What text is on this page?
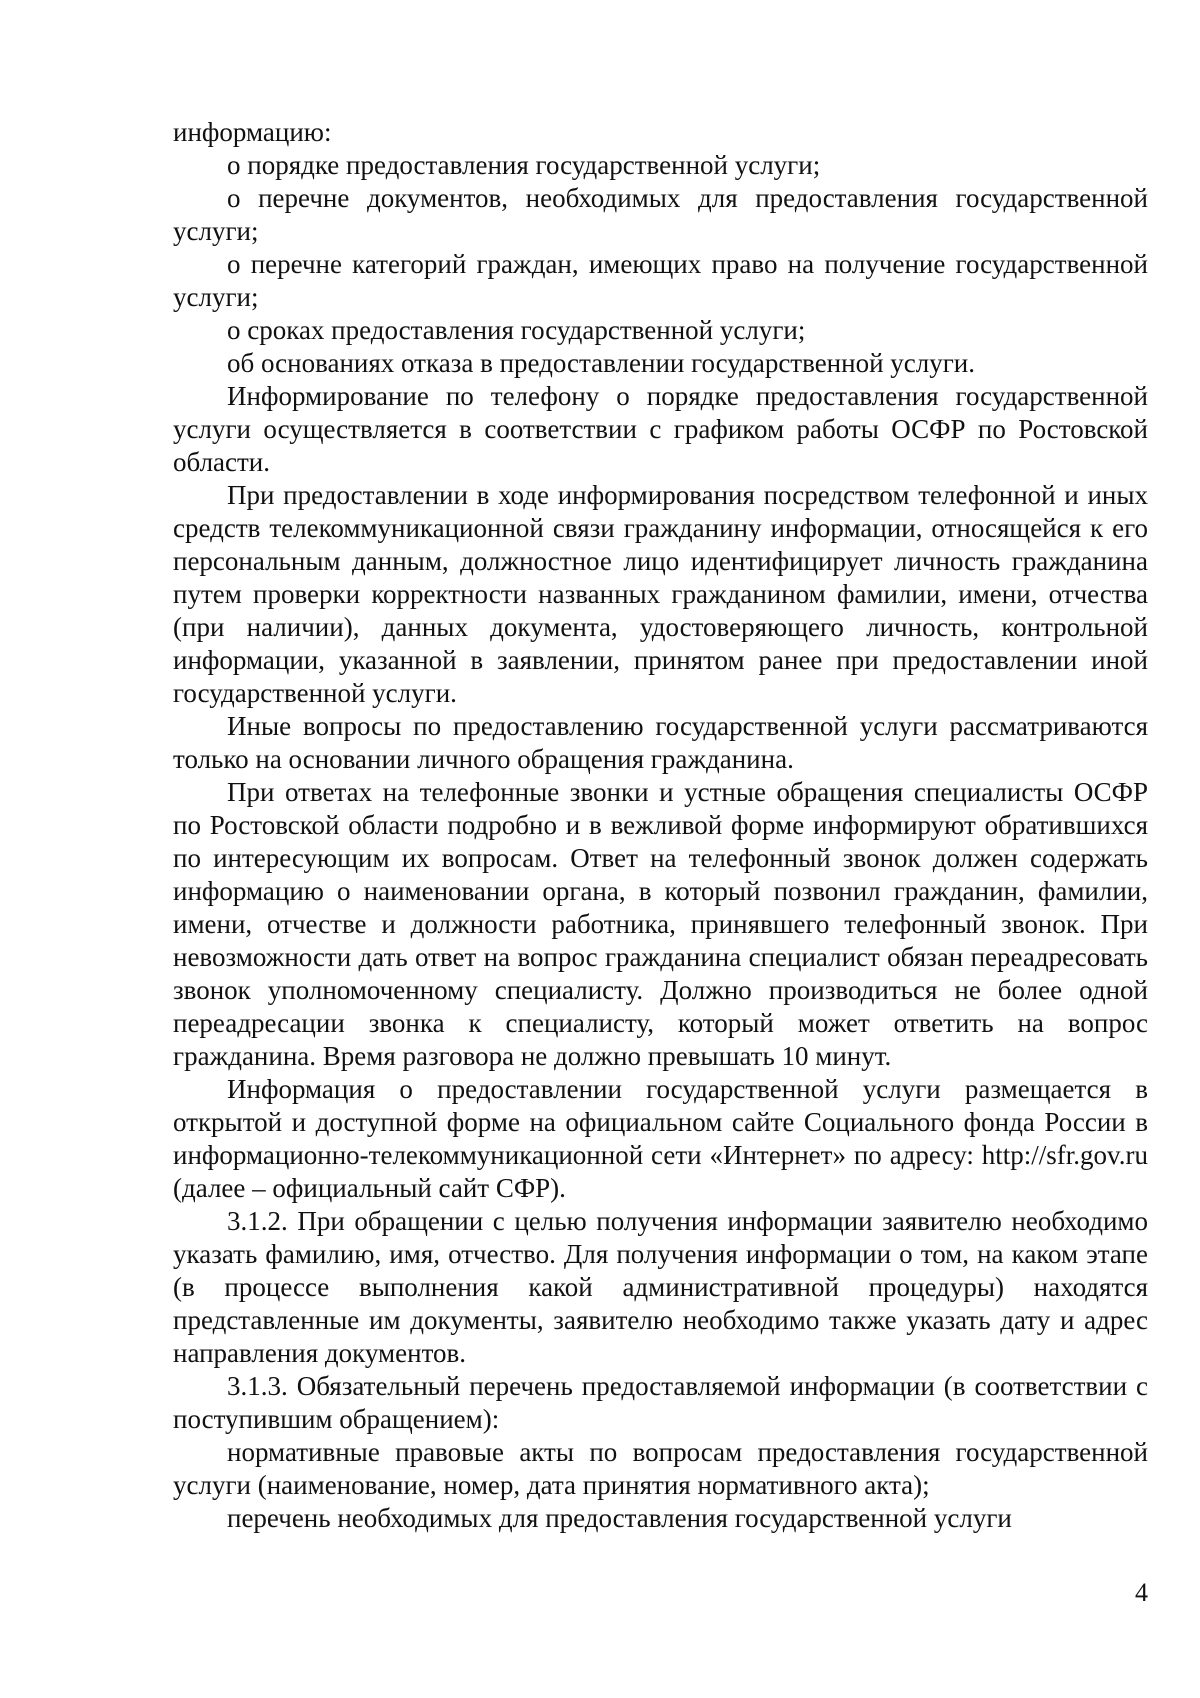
информацию:

о порядке предоставления государственной услуги;

о перечне документов, необходимых для предоставления государственной услуги;

о перечне категорий граждан, имеющих право на получение государственной услуги;

о сроках предоставления государственной услуги;

об основаниях отказа в предоставлении государственной услуги.

Информирование по телефону о порядке предоставления государственной услуги осуществляется в соответствии с графиком работы ОСФР по Ростовской области.

При предоставлении в ходе информирования посредством телефонной и иных средств телекоммуникационной связи гражданину информации, относящейся к его персональным данным, должностное лицо идентифицирует личность гражданина путем проверки корректности названных гражданином фамилии, имени, отчества (при наличии), данных документа, удостоверяющего личность, контрольной информации, указанной в заявлении, принятом ранее при предоставлении иной государственной услуги.

Иные вопросы по предоставлению государственной услуги рассматриваются только на основании личного обращения гражданина.

При ответах на телефонные звонки и устные обращения специалисты ОСФР по Ростовской области подробно и в вежливой форме информируют обратившихся по интересующим их вопросам. Ответ на телефонный звонок должен содержать информацию о наименовании органа, в который позвонил гражданин, фамилии, имени, отчестве и должности работника, принявшего телефонный звонок. При невозможности дать ответ на вопрос гражданина специалист обязан переадресовать звонок уполномоченному специалисту. Должно производиться не более одной переадресации звонка к специалисту, который может ответить на вопрос гражданина. Время разговора не должно превышать 10 минут.

Информация о предоставлении государственной услуги размещается в открытой и доступной форме на официальном сайте Социального фонда России в информационно-телекоммуникационной сети «Интернет» по адресу: http://sfr.gov.ru (далее – официальный сайт СФР).

3.1.2. При обращении с целью получения информации заявителю необходимо указать фамилию, имя, отчество. Для получения информации о том, на каком этапе (в процессе выполнения какой административной процедуры) находятся представленные им документы, заявителю необходимо также указать дату и адрес направления документов.

3.1.3. Обязательный перечень предоставляемой информации (в соответствии с поступившим обращением):

нормативные правовые акты по вопросам предоставления государственной услуги (наименование, номер, дата принятия нормативного акта);

перечень необходимых для предоставления государственной услуги

4
